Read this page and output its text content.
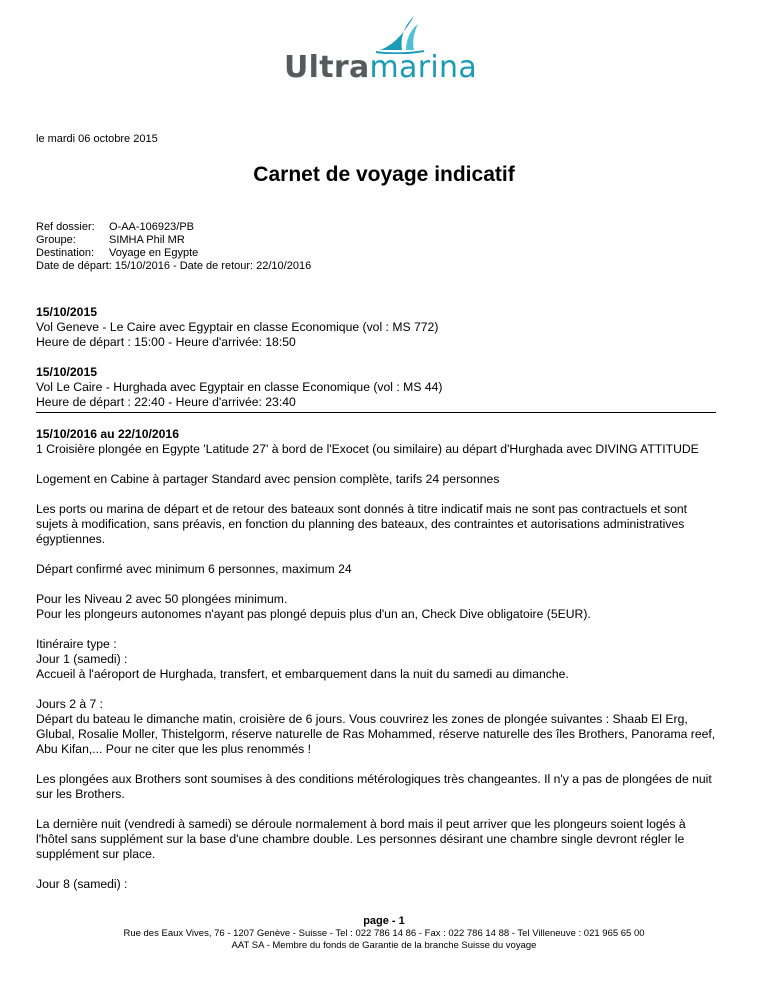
Ultramarina
le mardi 06 octobre 2015
Carnet de voyage indicatif
Ref dossier: O-AA-106923/PB
Groupe:	SIMHA Phil MR
Destination: Voyage en Egypte
Date de départ: 15/10/2016 - Date de retour: 22/10/2016
15/10/2015
Vol Geneve - Le Caire avec Egyptair en classe Economique (vol : MS 772)
Heure de départ : 15:00 - Heure d'arrivée: 18:50
15/10/2015
Vol Le Caire - Hurghada avec Egyptair en classe Economique (vol : MS 44)
Heure de départ : 22:40 - Heure d'arrivée: 23:40
15/10/2016 au 22/10/2016
1 Croisière plongée en Egypte 'Latitude 27' à bord de l'Exocet (ou similaire) au départ d'Hurghada avec DIVING ATTITUDE

Logement en Cabine à partager Standard avec pension complète, tarifs 24 personnes

Les ports ou marina de départ et de retour des bateaux sont donnés à titre indicatif mais ne sont pas contractuels et sont sujets à modification, sans préavis, en fonction du planning des bateaux, des contraintes et autorisations administratives égyptiennes.

Départ confirmé avec minimum 6 personnes, maximum 24

Pour les Niveau 2 avec 50 plongées minimum.
Pour les plongeurs autonomes n'ayant pas plongé depuis plus d'un an, Check Dive obligatoire (5EUR).

Itinéraire type :
Jour 1 (samedi) :
Accueil à l'aéroport de Hurghada, transfert, et embarquement dans la nuit du samedi au dimanche.

Jours 2 à 7 :
Départ du bateau le dimanche matin, croisière de 6 jours. Vous couvrirez les zones de plongée suivantes : Shaab El Erg, Glubal, Rosalie Moller, Thistelgorm, réserve naturelle de Ras Mohammed, réserve naturelle des îles Brothers, Panorama reef, Abu Kifan,... Pour ne citer que les plus renommés !

Les plongées aux Brothers sont soumises à des conditions métérologiques très changeantes. Il n'y a pas de plongées de nuit sur les Brothers.

La dernière nuit (vendredi à samedi) se déroule normalement à bord mais il peut arriver que les plongeurs soient logés à l'hôtel sans supplément sur la base d'une chambre double. Les personnes désirant une chambre single devront régler le supplément sur place.

Jour 8 (samedi) :

page - 1
Rue des Eaux Vives, 76 - 1207 Genève - Suisse - Tel : 022 786 14 86 - Fax : 022 786 14 88 - Tel Villeneuve : 021 965 65 00
AAT SA - Membre du fonds de Garantie de la branche Suisse du voyage
